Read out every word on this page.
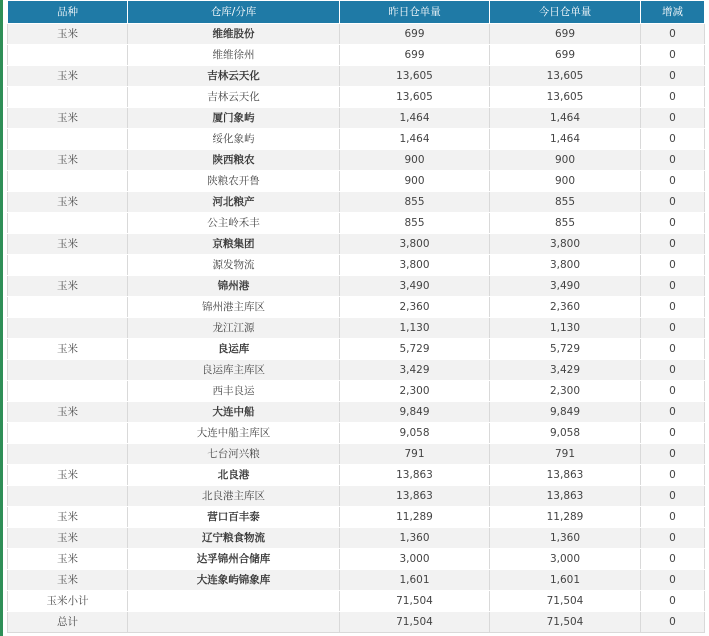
品种	仓库/分库	昨日仓单量	今日仓单量	增减
玉米	维维股份	699	699	0
	维维徐州	699	699	0
玉米	吉林云天化	13,605	13,605	0
	吉林云天化	13,605	13,605	0
玉米	厦门象屿	1,464	1,464	0
	绥化象屿	1,464	1,464	0
玉米	陕西粮农	900	900	0
	陕粮农开鲁	900	900	0
玉米	河北粮产	855	855	0
	公主岭禾丰	855	855	0
玉米	京粮集团	3,800	3,800	0
	源发物流	3,800	3,800	0
玉米	锦州港	3,490	3,490	0
	锦州港主库区	2,360	2,360	0
	龙江江源	1,130	1,130	0
玉米	良运库	5,729	5,729	0
	良运库主库区	3,429	3,429	0
	西丰良运	2,300	2,300	0
玉米	大连中船	9,849	9,849	0
	大连中船主库区	9,058	9,058	0
	七台河兴粮	791	791	0
玉米	北良港	13,863	13,863	0
	北良港主库区	13,863	13,863	0
玉米	营口百丰泰	11,289	11,289	0
玉米	辽宁粮食物流	1,360	1,360	0
玉米	达孚锦州合储库	3,000	3,000	0
玉米	大连象屿锦象库	1,601	1,601	0
玉米小计		71,504	71,504	0
总计		71,504	71,504	0
